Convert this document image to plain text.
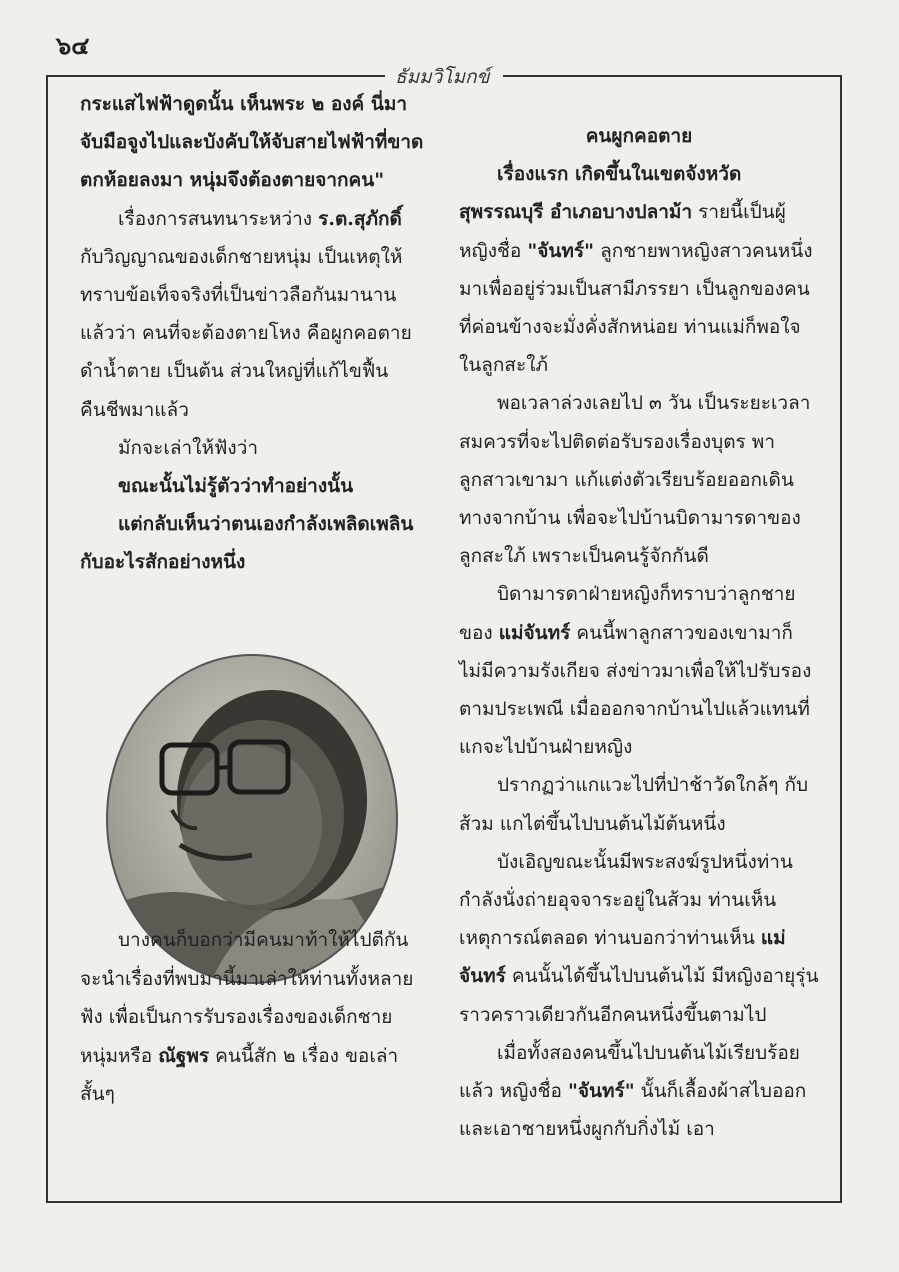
๖๔
ธัมมวิโมกข์

กระแสไฟฟ้าดูดนั้น เห็นพระ ๒ องค์ นี่มาจับมือจูงไปและบังคับให้จับสายไฟฟ้าที่ขาดตกห้อยลงมา หนุ่มจึงต้องตายจากคน"

เรื่องการสนทนาระหว่าง ร.ต.สุภักดิ์ กับวิญญาณของเด็กชายหนุ่ม เป็นเหตุให้ทราบข้อเท็จจริงที่เป็นข่าวลือกันมานานแล้วว่า คนที่จะต้องตายโหง คือผูกคอตาย ดำน้ำตาย เป็นต้น ส่วนใหญ่ที่แก้ไขฟื้นคืนชีพมาแล้ว

มักจะเล่าให้ฟังว่า

ขณะนั้นไม่รู้ตัวว่าทำอย่างนั้น

แต่กลับเห็นว่าตนเองกำลังเพลิดเพลินกับอะไรสักอย่างหนึ่ง

บางคนก็บอกว่ามีคนมาท้าให้ไปตีกัน

จะนำเรื่องที่พบมานี้มาเล่าให้ท่านทั้งหลายฟัง เพื่อเป็นการรับรองเรื่องของเด็กชายหนุ่มหรือ ณัฐพร คนนี้สัก ๒ เรื่อง ขอเล่าสั้นๆ

คนผูกคอตาย

เรื่องแรก เกิดขึ้นในเขตจังหวัดสุพรรณบุรี อำเภอบางปลาม้า รายนี้เป็นผู้หญิงชื่อ "จันทร์" ลูกชายพาหญิงสาวคนหนึ่งมาเพื่ออยู่ร่วมเป็นสามีภรรยา เป็นลูกของคนที่ค่อนข้างจะมั่งคั่งสักหน่อย ท่านแม่ก็พอใจในลูกสะใภ้

พอเวลาล่วงเลยไป ๓ วัน เป็นระยะเวลาสมควรที่จะไปติดต่อรับรองเรื่องบุตร พาลูกสาวเขามา แก้แต่งตัวเรียบร้อยออกเดินทางจากบ้าน เพื่อจะไปบ้านบิดามารดาของลูกสะใภ้ เพราะเป็นคนรู้จักกันดี

บิดามารดาฝ่ายหญิงก็ทราบว่าลูกชายของ แม่จันทร์ คนนี้พาลูกสาวของเขามาก็ไม่มีความรังเกียจ ส่งข่าวมาเพื่อให้ไปรับรองตามประเพณี เมื่อออกจากบ้านไปแล้วแทนที่แกจะไปบ้านฝ่ายหญิง

ปรากฏว่าแกแวะไปที่ป่าช้าวัดใกล้ๆ กับส้วม แกไต่ขึ้นไปบนต้นไม้ต้นหนึ่ง

บังเอิญขณะนั้นมีพระสงฆ์รูปหนึ่งท่านกำลังนั่งถ่ายอุจจาระอยู่ในส้วม ท่านเห็นเหตุการณ์ตลอด ท่านบอกว่าท่านเห็น แม่จันทร์ คนนั้นได้ขึ้นไปบนต้นไม้ มีหญิงอายุรุ่นราวคราวเดียวกันอีกคนหนึ่งขึ้นตามไป

เมื่อทั้งสองคนขึ้นไปบนต้นไม้เรียบร้อยแล้ว หญิงชื่อ "จันทร์" นั้นก็เลื้องผ้าสไบออก และเอาชายหนึ่งผูกกับกิ่งไม้ เอา
